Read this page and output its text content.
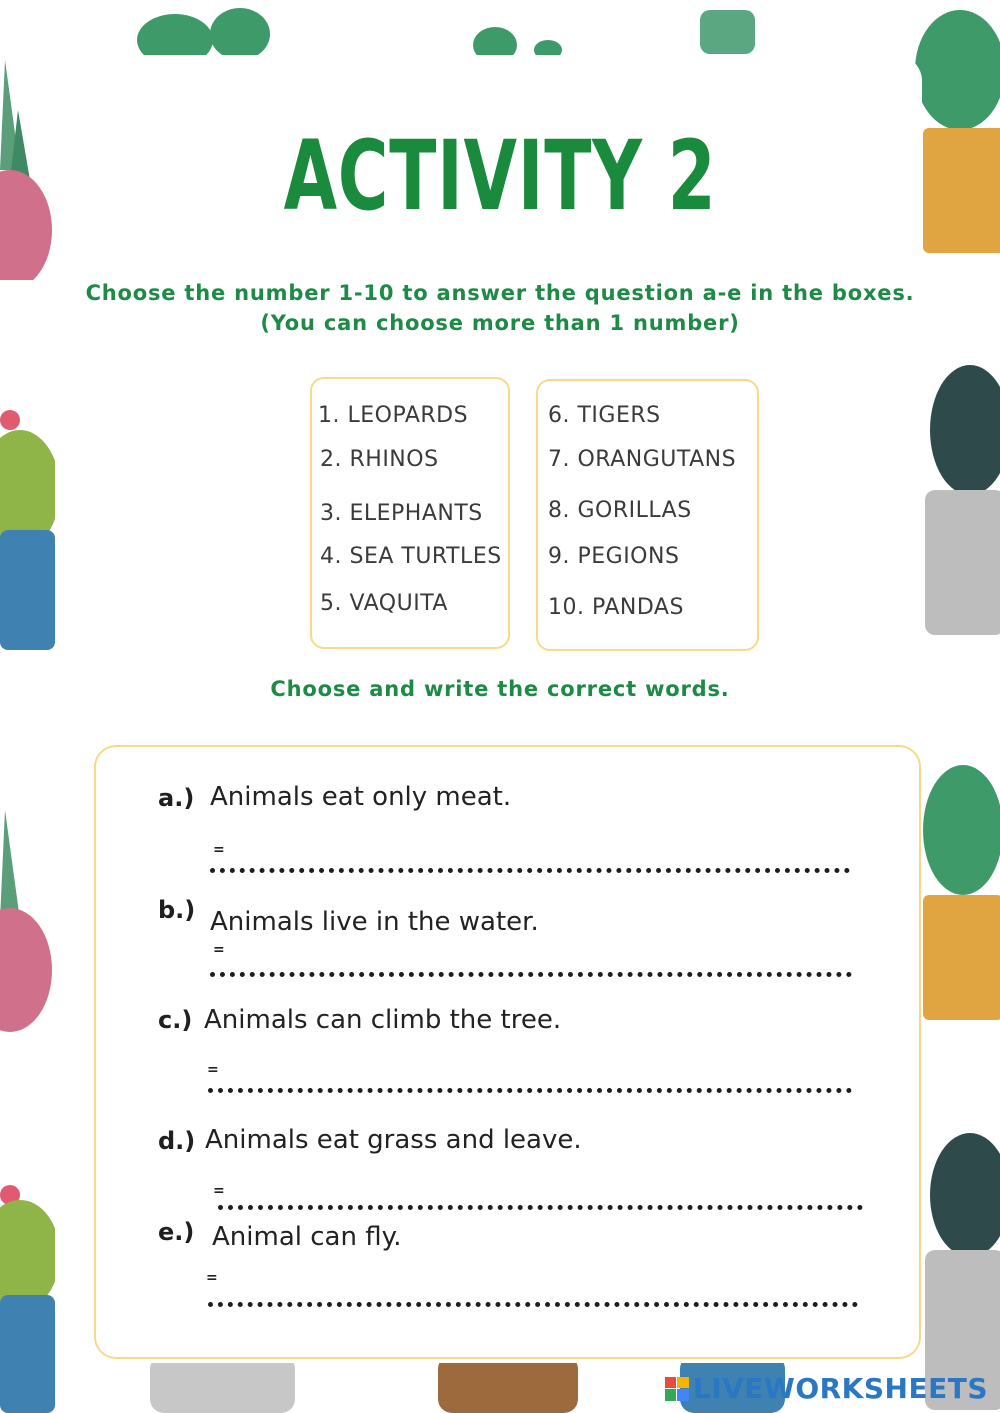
ACTIVITY 2
Choose the number 1-10 to answer the question a-e in the boxes.
(You can choose more than 1 number)
1. LEOPARDS
2. RHINOS
3. ELEPHANTS
4. SEA TURTLES
5. VAQUITA
6. TIGERS
7. ORANGUTANS
8. GORILLAS
9. PEGIONS
10. PANDAS
Choose and write the correct words.
a.) Animals eat only meat.
=
b.) Animals live in the water.
=
c.) Animals can climb the tree.
=
d.) Animals eat grass and leave.
=
e.) Animal can fly.
=
LIVEWORKSHEETS
